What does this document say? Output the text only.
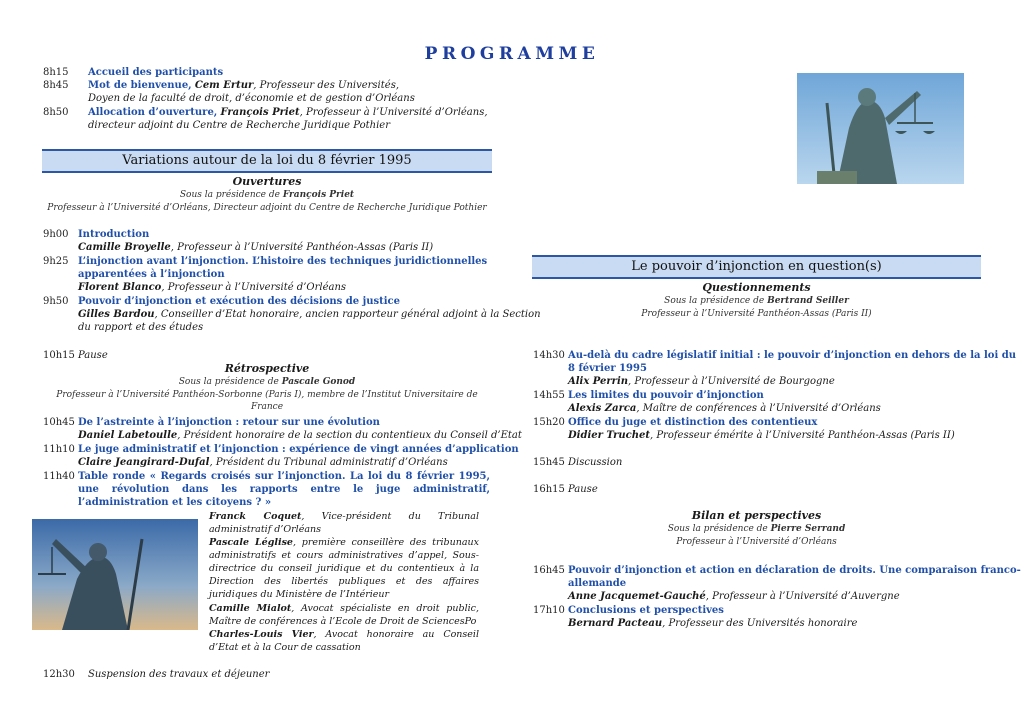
PROGRAMME
8h15 Accueil des participants
8h45 Mot de bienvenue, Cem Ertur, Professeur des Universités,
Doyen de la faculté de droit, d’économie et de gestion d’Orléans
8h50 Allocation d’ouverture, François Priet, Professeur à l’Université d’Orléans,
directeur adjoint du Centre de Recherche Juridique Pothier
Variations autour de la loi du 8 février 1995
Ouvertures
Sous la présidence de François Priet
Professeur à l’Université d’Orléans, Directeur adjoint du Centre de Recherche Juridique Pothier
9h00 Introduction
Camille Broyelle, Professeur à l’Université Panthéon-Assas (Paris II)
9h25 L’injonction avant l’injonction. L’histoire des techniques juridictionnelles
apparentées à l’injonction
Florent Blanco, Professeur à l’Université d’Orléans
9h50 Pouvoir d’injonction et exécution des décisions de justice
Gilles Bardou, Conseiller d’Etat honoraire, ancien rapporteur général adjoint à la Section
du rapport et des études
10h15 Pause
Rétrospective
Sous la présidence de Pascale Gonod
Professeur à l’Université Panthéon-Sorbonne (Paris I), membre de l’Institut Universitaire de France
10h45 De l’astreinte à l’injonction : retour sur une évolution
Daniel Labetoulle, Président honoraire de la section du contentieux du Conseil d’Etat
11h10 Le juge administratif et l’injonction : expérience de vingt années d’application
Claire Jeangirard-Dufal, Président du Tribunal administratif d’Orléans
11h40 Table ronde « Regards croisés sur l’injonction. La loi du 8 février 1995, une révolution dans les rapports entre le juge administratif, l’administration et les citoyens ? »
Franck Coquet, Vice-président du Tribunal administratif d’Orléans
Pascale Léglise, première conseillère des tribunaux administratifs et cours administratives d’appel, Sous-directrice du conseil juridique et du contentieux à la Direction des libertés publiques et des affaires juridiques du Ministère de l’Intérieur
Camille Mialot, Avocat spécialiste en droit public, Maître de conférences à l’Ecole de Droit de SciencesPo
Charles-Louis Vier, Avocat honoraire au Conseil d’Etat et à la Cour de cassation
12h30 Suspension des travaux et déjeuner
Le pouvoir d’injonction en question(s)
Questionnements
Sous la présidence de Bertrand Seiller
Professeur à l’Université Panthéon-Assas (Paris II)
14h30 Au-delà du cadre législatif initial : le pouvoir d’injonction en dehors de la loi du
8 février 1995
Alix Perrin, Professeur à l’Université de Bourgogne
14h55 Les limites du pouvoir d’injonction
Alexis Zarca, Maître de conférences à l’Université d’Orléans
15h20 Office du juge et distinction des contentieux
Didier Truchet, Professeur émérite à l’Université Panthéon-Assas (Paris II)
15h45 Discussion
16h15 Pause
Bilan et perspectives
Sous la présidence de Pierre Serrand
Professeur à l’Université d’Orléans
16h45 Pouvoir d’injonction et action en déclaration de droits. Une comparaison franco-
allemande
Anne Jacquemet-Gauché, Professeur à l’Université d’Auvergne
17h10 Conclusions et perspectives
Bernard Pacteau, Professeur des Universités honoraire
